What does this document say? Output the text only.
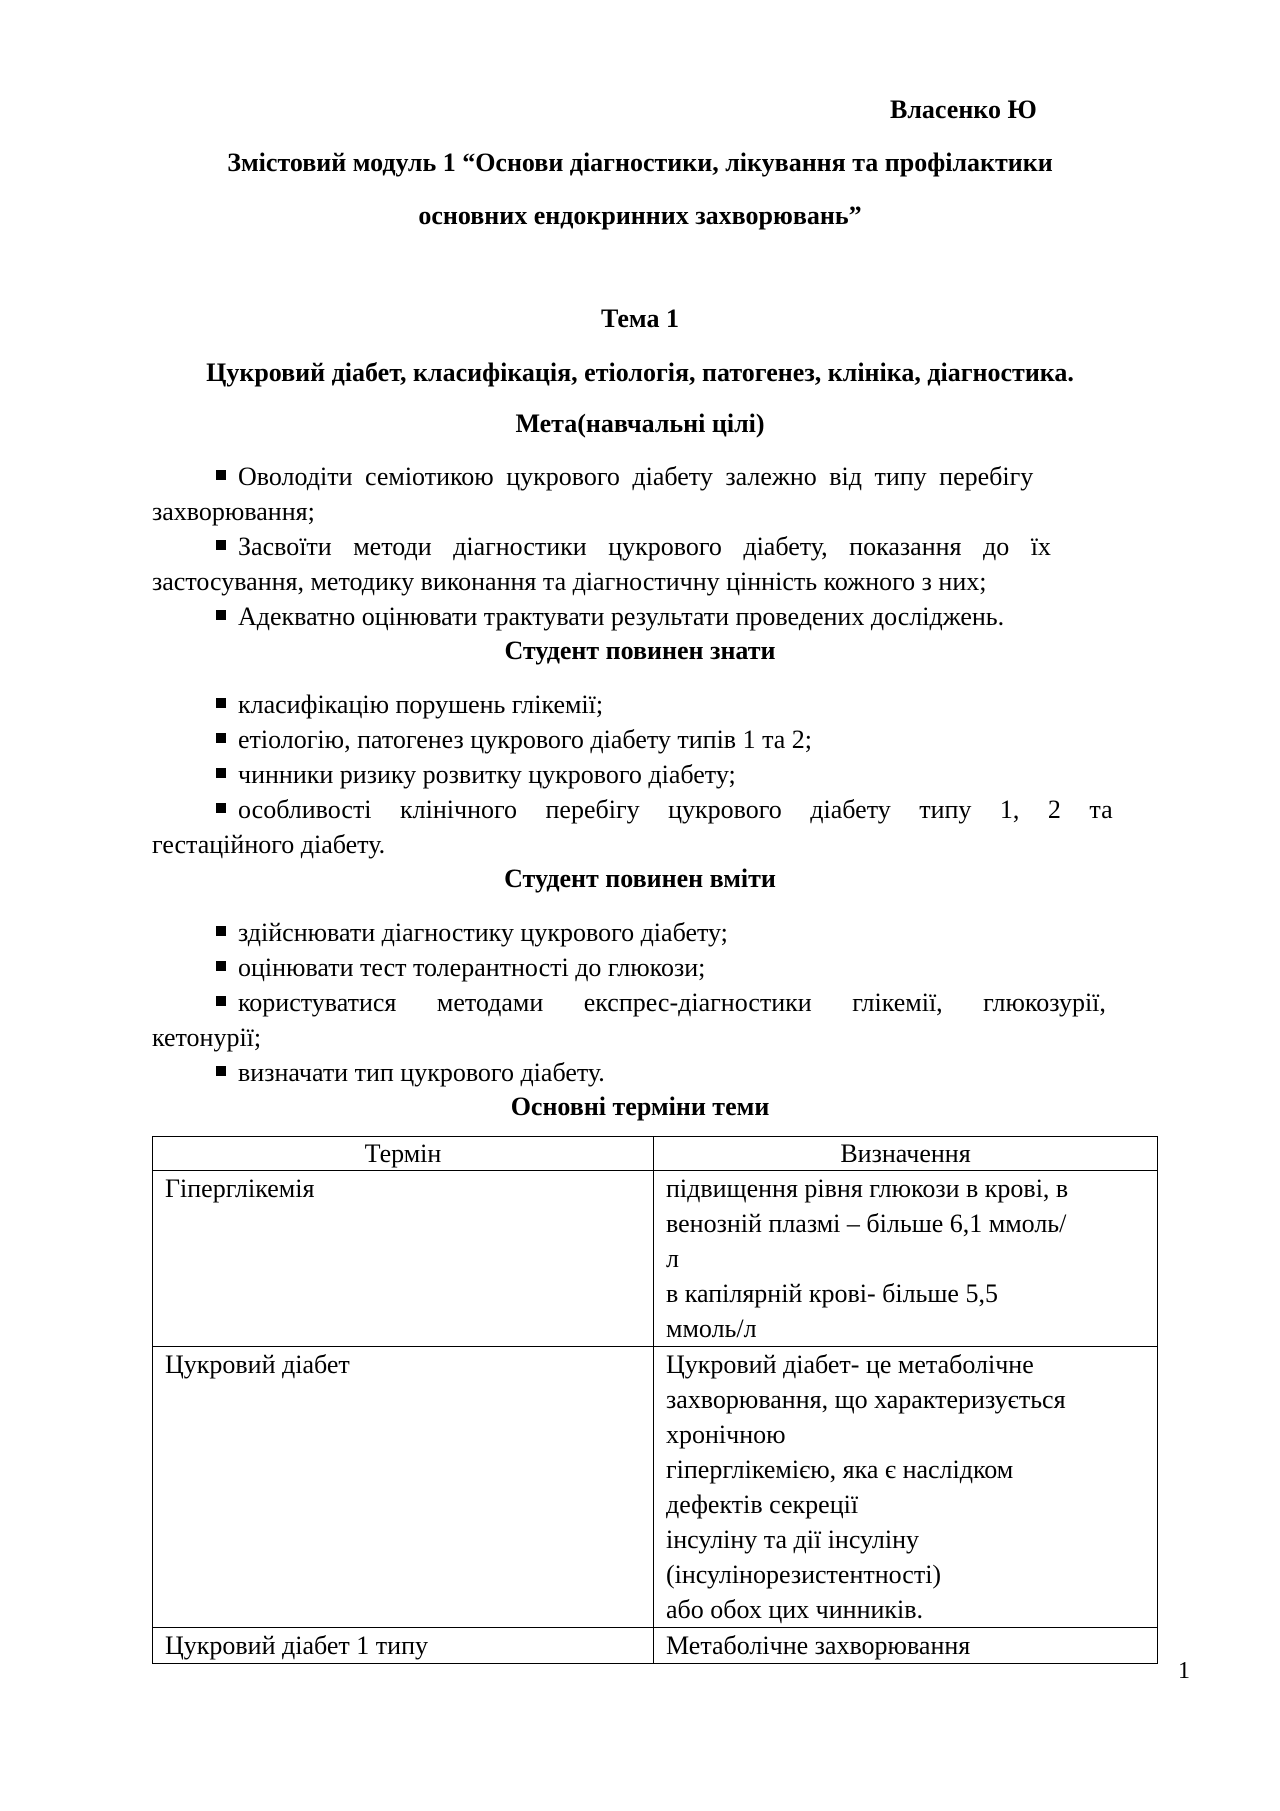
Власенко Ю
Змістовий модуль 1 “Основи діагностики, лікування та профілактики
основних ендокринних захворювань”
Тема 1
Цукровий діабет, класифікація, етіологія, патогенез, клініка, діагностика.
Мета(навчальні цілі)
Оволодіти семіотикою цукрового діабету залежно від типу перебігу
захворювання;
Засвоїти методи діагностики цукрового діабету, показання до їх
застосування, методику виконання та діагностичну цінність кожного з них;
Адекватно оцінювати трактувати результати проведених досліджень.
Студент повинен знати
класифікацію порушень глікемії;
етіологію, патогенез цукрового діабету типів 1 та 2;
чинники ризику розвитку цукрового діабету;
особливості клінічного перебігу цукрового діабету типу 1, 2 та
гестаційного діабету.
Студент повинен вміти
здійснювати діагностику цукрового діабету;
оцінювати тест толерантності до глюкози;
користуватися методами експрес-діагностики глікемії, глюкозурії,
кетонурії;
визначати тип цукрового діабету.
Основні терміни теми
Термін	Визначення
Гіперглікемія	підвищення рівня глюкози в крові, в
венозній плазмі – більше 6,1 ммоль/
л
в капілярній крові- більше 5,5
ммоль/л

Цукровий діабет	Цукровий діабет- це метаболічне
захворювання, що характеризується
хронічною
гіперглікемією, яка є наслідком
дефектів секреції
інсуліну та дії інсуліну
(інсулінорезистентності)
або обох цих чинників.

Цукровий діабет 1 типу	Метаболічне захворювання
1
